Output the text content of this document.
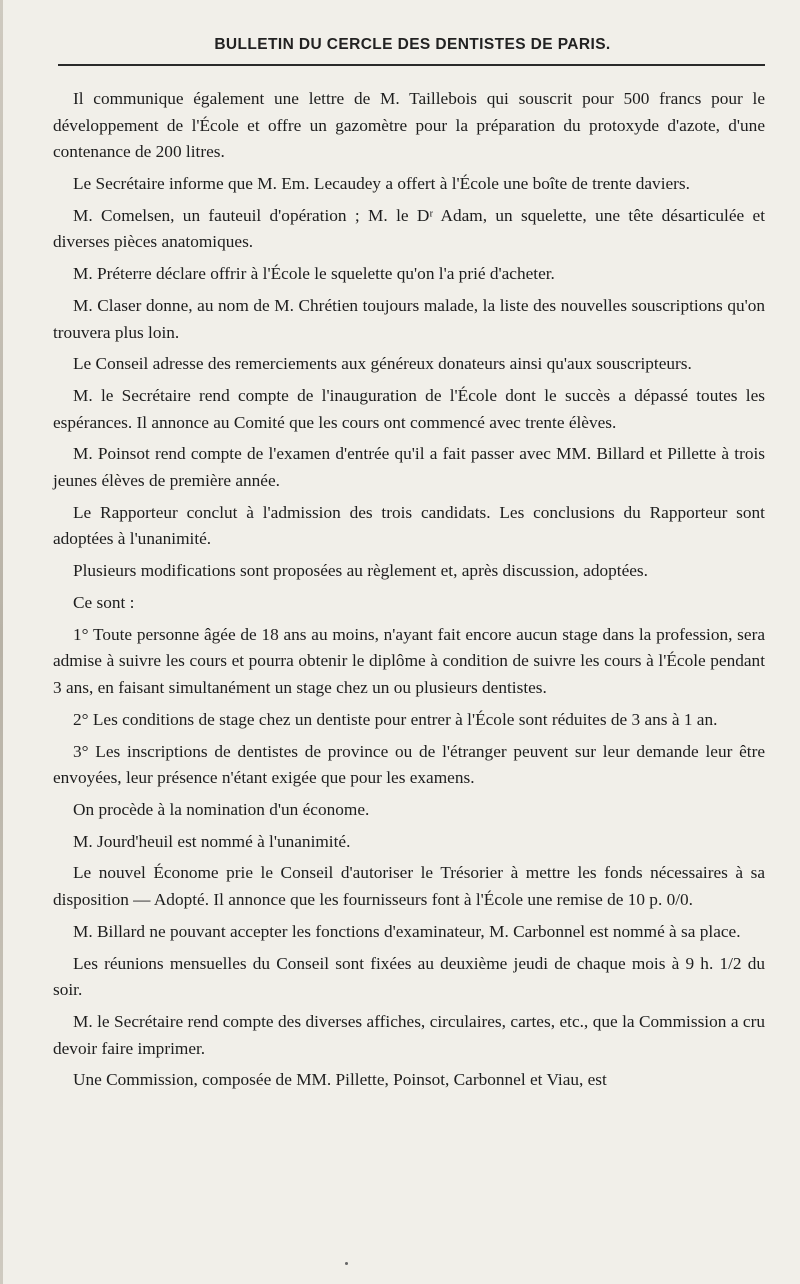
BULLETIN DU CERCLE DES DENTISTES DE PARIS.

Il communique également une lettre de M. Taillebois qui souscrit pour 500 francs pour le développement de l'École et offre un gazomètre pour la préparation du protoxyde d'azote, d'une contenance de 200 litres.

Le Secrétaire informe que M. Em. Lecaudey a offert à l'École une boîte de trente daviers.

M. Comelsen, un fauteuil d'opération ; M. le Dʳ Adam, un squelette, une tête désarticulée et diverses pièces anatomiques.

M. Préterre déclare offrir à l'École le squelette qu'on l'a prié d'acheter.

M. Claser donne, au nom de M. Chrétien toujours malade, la liste des nouvelles souscriptions qu'on trouvera plus loin.

Le Conseil adresse des remerciements aux généreux donateurs ainsi qu'aux souscripteurs.

M. le Secrétaire rend compte de l'inauguration de l'École dont le succès a dépassé toutes les espérances. Il annonce au Comité que les cours ont commencé avec trente élèves.

M. Poinsot rend compte de l'examen d'entrée qu'il a fait passer avec MM. Billard et Pillette à trois jeunes élèves de première année.

Le Rapporteur conclut à l'admission des trois candidats. Les conclusions du Rapporteur sont adoptées à l'unanimité.

Plusieurs modifications sont proposées au règlement et, après discussion, adoptées.

Ce sont :

1° Toute personne âgée de 18 ans au moins, n'ayant fait encore aucun stage dans la profession, sera admise à suivre les cours et pourra obtenir le diplôme à condition de suivre les cours à l'École pendant 3 ans, en faisant simultanément un stage chez un ou plusieurs dentistes.

2° Les conditions de stage chez un dentiste pour entrer à l'École sont réduites de 3 ans à 1 an.

3° Les inscriptions de dentistes de province ou de l'étranger peuvent sur leur demande leur être envoyées, leur présence n'étant exigée que pour les examens.

On procède à la nomination d'un économe.

M. Jourd'heuil est nommé à l'unanimité.

Le nouvel Économe prie le Conseil d'autoriser le Trésorier à mettre les fonds nécessaires à sa disposition — Adopté. Il annonce que les fournisseurs font à l'École une remise de 10 p. 0/0.

M. Billard ne pouvant accepter les fonctions d'examinateur, M. Carbonnel est nommé à sa place.

Les réunions mensuelles du Conseil sont fixées au deuxième jeudi de chaque mois à 9 h. 1/2 du soir.

M. le Secrétaire rend compte des diverses affiches, circulaires, cartes, etc., que la Commission a cru devoir faire imprimer.

Une Commission, composée de MM. Pillette, Poinsot, Carbonnel et Viau, est
